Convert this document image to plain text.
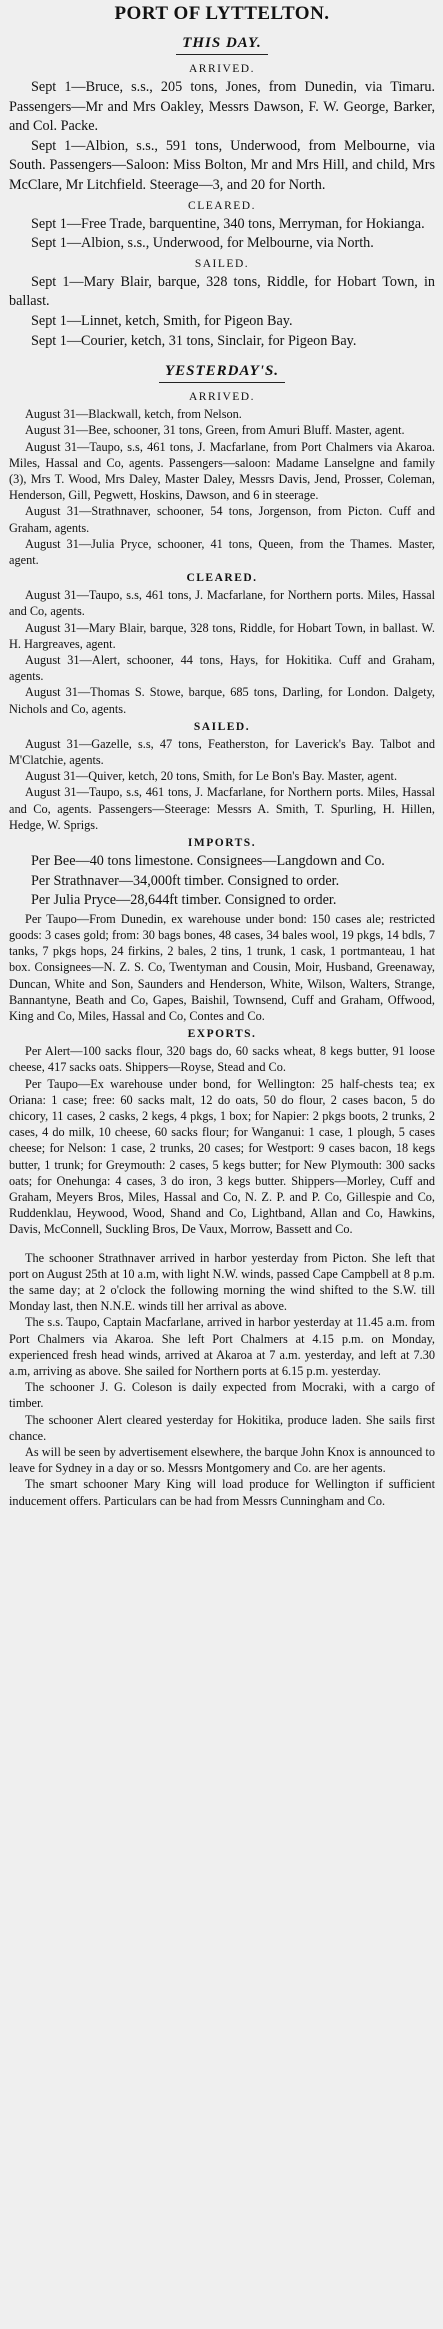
PORT OF LYTTELTON.
THIS DAY.
ARRIVED.

Sept 1—Bruce, s.s., 205 tons, Jones, from Dunedin, via Timaru. Passengers—Mr and Mrs Oakley, Messrs Dawson, F. W. George, Barker, and Col. Packe.

Sept 1—Albion, s.s., 591 tons, Underwood, from Melbourne, via South. Passengers—Saloon: Miss Bolton, Mr and Mrs Hill, and child, Mrs McClare, Mr Litchfield. Steerage—3, and 20 for North.

CLEARED.

Sept 1—Free Trade, barquentine, 340 tons, Merryman, for Hokianga.

Sept 1—Albion, s.s., Underwood, for Melbourne, via North.

SAILED.

Sept 1—Mary Blair, barque, 328 tons, Riddle, for Hobart Town, in ballast.

Sept 1—Linnet, ketch, Smith, for Pigeon Bay.

Sept 1—Courier, ketch, 31 tons, Sinclair, for Pigeon Bay.

YESTERDAY'S.
ARRIVED.

August 31—Blackwall, ketch, from Nelson.

August 31—Bee, schooner, 31 tons, Green, from Amuri Bluff. Master, agent.

August 31—Taupo, s.s, 461 tons, J. Macfarlane, from Port Chalmers via Akaroa. Miles, Hassal and Co, agents. Passengers—saloon: Madame Lanselgne and family (3), Mrs T. Wood, Mrs Daley, Master Daley, Messrs Davis, Jend, Prosser, Coleman, Henderson, Gill, Pegwett, Hoskins, Dawson, and 6 in steerage.

August 31—Strathnaver, schooner, 54 tons, Jorgenson, from Picton. Cuff and Graham, agents.

August 31—Julia Pryce, schooner, 41 tons, Queen, from the Thames. Master, agent.

CLEARED.

August 31—Taupo, s.s, 461 tons, J. Macfarlane, for Northern ports. Miles, Hassal and Co, agents.

August 31—Mary Blair, barque, 328 tons, Riddle, for Hobart Town, in ballast. W. H. Hargreaves, agent.

August 31—Alert, schooner, 44 tons, Hays, for Hokitika. Cuff and Graham, agents.

August 31—Thomas S. Stowe, barque, 685 tons, Darling, for London. Dalgety, Nichols and Co, agents.

SAILED.

August 31—Gazelle, s.s, 47 tons, Featherston, for Laverick's Bay. Talbot and M'Clatchie, agents.

August 31—Quiver, ketch, 20 tons, Smith, for Le Bon's Bay. Master, agent.

August 31—Taupo, s.s, 461 tons, J. Macfarlane, for Northern ports. Miles, Hassal and Co, agents. Passengers—Steerage: Messrs A. Smith, T. Spurling, H. Hillen, Hedge, W. Sprigs.

IMPORTS.

Per Bee—40 tons limestone. Consignees—Langdown and Co.

Per Strathnaver—34,000ft timber. Consigned to order.

Per Julia Pryce—28,644ft timber. Consigned to order.

Per Taupo—From Dunedin, ex warehouse under bond: 150 cases ale; restricted goods: 3 cases gold; from: 30 bags bones, 48 cases, 34 bales wool, 19 pkgs, 14 bdls, 7 tanks, 7 pkgs hops, 24 firkins, 2 bales, 2 tins, 1 trunk, 1 cask, 1 portmanteau, 1 hat box. Consignees—N. Z. S. Co, Twentyman and Cousin, Moir, Husband, Greenaway, Duncan, White and Son, Saunders and Henderson, White, Wilson, Walters, Strange, Bannantyne, Beath and Co, Gapes, Baishil, Townsend, Cuff and Graham, Offwood, King and Co, Miles, Hassal and Co, Contes and Co.

EXPORTS.

Per Alert—100 sacks flour, 320 bags do, 60 sacks wheat, 8 kegs butter, 91 loose cheese, 417 sacks oats. Shippers—Royse, Stead and Co.

Per Taupo—Ex warehouse under bond, for Wellington: 25 half-chests tea; ex Oriana: 1 case; free: 60 sacks malt, 12 do oats, 50 do flour, 2 cases bacon, 5 do chicory, 11 cases, 2 casks, 2 kegs, 4 pkgs, 1 box; for Napier: 2 pkgs boots, 2 trunks, 2 cases, 4 do milk, 10 cheese, 60 sacks flour; for Wanganui: 1 case, 1 plough, 5 cases cheese; for Nelson: 1 case, 2 trunks, 20 cases; for Westport: 9 cases bacon, 18 kegs butter, 1 trunk; for Greymouth: 2 cases, 5 kegs butter; for New Plymouth: 300 sacks oats; for Onehunga: 4 cases, 3 do iron, 3 kegs butter. Shippers—Morley, Cuff and Graham, Meyers Bros, Miles, Hassal and Co, N. Z. P. and P. Co, Gillespie and Co, Ruddenklau, Heywood, Wood, Shand and Co, Lightband, Allan and Co, Hawkins, Davis, McConnell, Suckling Bros, De Vaux, Morrow, Bassett and Co.

The schooner Strathnaver arrived in harbor yesterday from Picton. She left that port on August 25th at 10 a.m, with light N.W. winds, passed Cape Campbell at 8 p.m. the same day; at 2 o'clock the following morning the wind shifted to the S.W. till Monday last, then N.N.E. winds till her arrival as above.

The s.s. Taupo, Captain Macfarlane, arrived in harbor yesterday at 11.45 a.m. from Port Chalmers via Akaroa. She left Port Chalmers at 4.15 p.m. on Monday, experienced fresh head winds, arrived at Akaroa at 7 a.m. yesterday, and left at 7.30 a.m, arriving as above. She sailed for Northern ports at 6.15 p.m. yesterday.

The schooner J. G. Coleson is daily expected from Mocraki, with a cargo of timber.

The schooner Alert cleared yesterday for Hokitika, produce laden. She sails first chance.

As will be seen by advertisement elsewhere, the barque John Knox is announced to leave for Sydney in a day or so. Messrs Montgomery and Co. are her agents.

The smart schooner Mary King will load produce for Wellington if sufficient inducement offers. Particulars can be had from Messrs Cunningham and Co.
